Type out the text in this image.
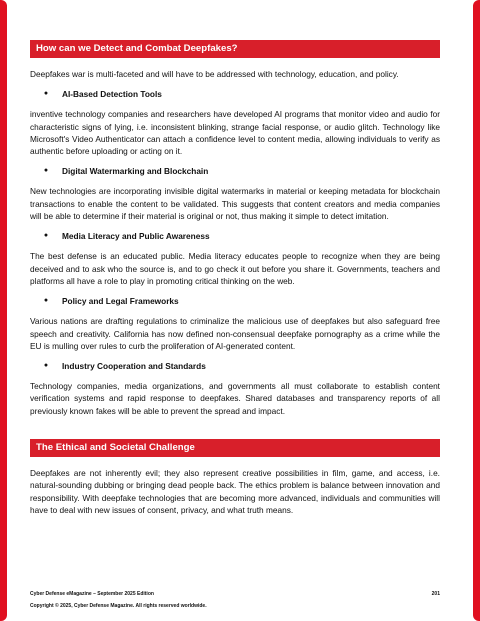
How can we Detect and Combat Deepfakes?

Deepfakes war is multi-faceted and will have to be addressed with technology, education, and policy.

●	AI-Based Detection Tools

inventive technology companies and researchers have developed AI programs that monitor video and audio for characteristic signs of lying, i.e. inconsistent blinking, strange facial response, or audio glitch. Technology like Microsoft's Video Authenticator can attach a confidence level to content media, allowing individuals to verify as authentic before uploading or acting on it.

●	Digital Watermarking and Blockchain

New technologies are incorporating invisible digital watermarks in material or keeping metadata for blockchain transactions to enable the content to be validated. This suggests that content creators and media companies will be able to determine if their material is original or not, thus making it simple to detect imitation.

●	Media Literacy and Public Awareness

The best defense is an educated public. Media literacy educates people to recognize when they are being deceived and to ask who the source is, and to go check it out before you share it. Governments, teachers and platforms all have a role to play in promoting critical thinking on the web.

●	Policy and Legal Frameworks

Various nations are drafting regulations to criminalize the malicious use of deepfakes but also safeguard free speech and creativity. California has now defined non-consensual deepfake pornography as a crime while the EU is mulling over rules to curb the proliferation of AI-generated content.

●	Industry Cooperation and Standards

Technology companies, media organizations, and governments all must collaborate to establish content verification systems and rapid response to deepfakes. Shared databases and transparency reports of all previously known fakes will be able to prevent the spread and impact.

The Ethical and Societal Challenge

Deepfakes are not inherently evil; they also represent creative possibilities in film, game, and access, i.e. natural-sounding dubbing or bringing dead people back. The ethics problem is balance between innovation and responsibility. With deepfake technologies that are becoming more advanced, individuals and communities will have to deal with new issues of consent, privacy, and what truth means.

Cyber Defense eMagazine – September 2025 Edition	201
Copyright © 2025, Cyber Defense Magazine. All rights reserved worldwide.
